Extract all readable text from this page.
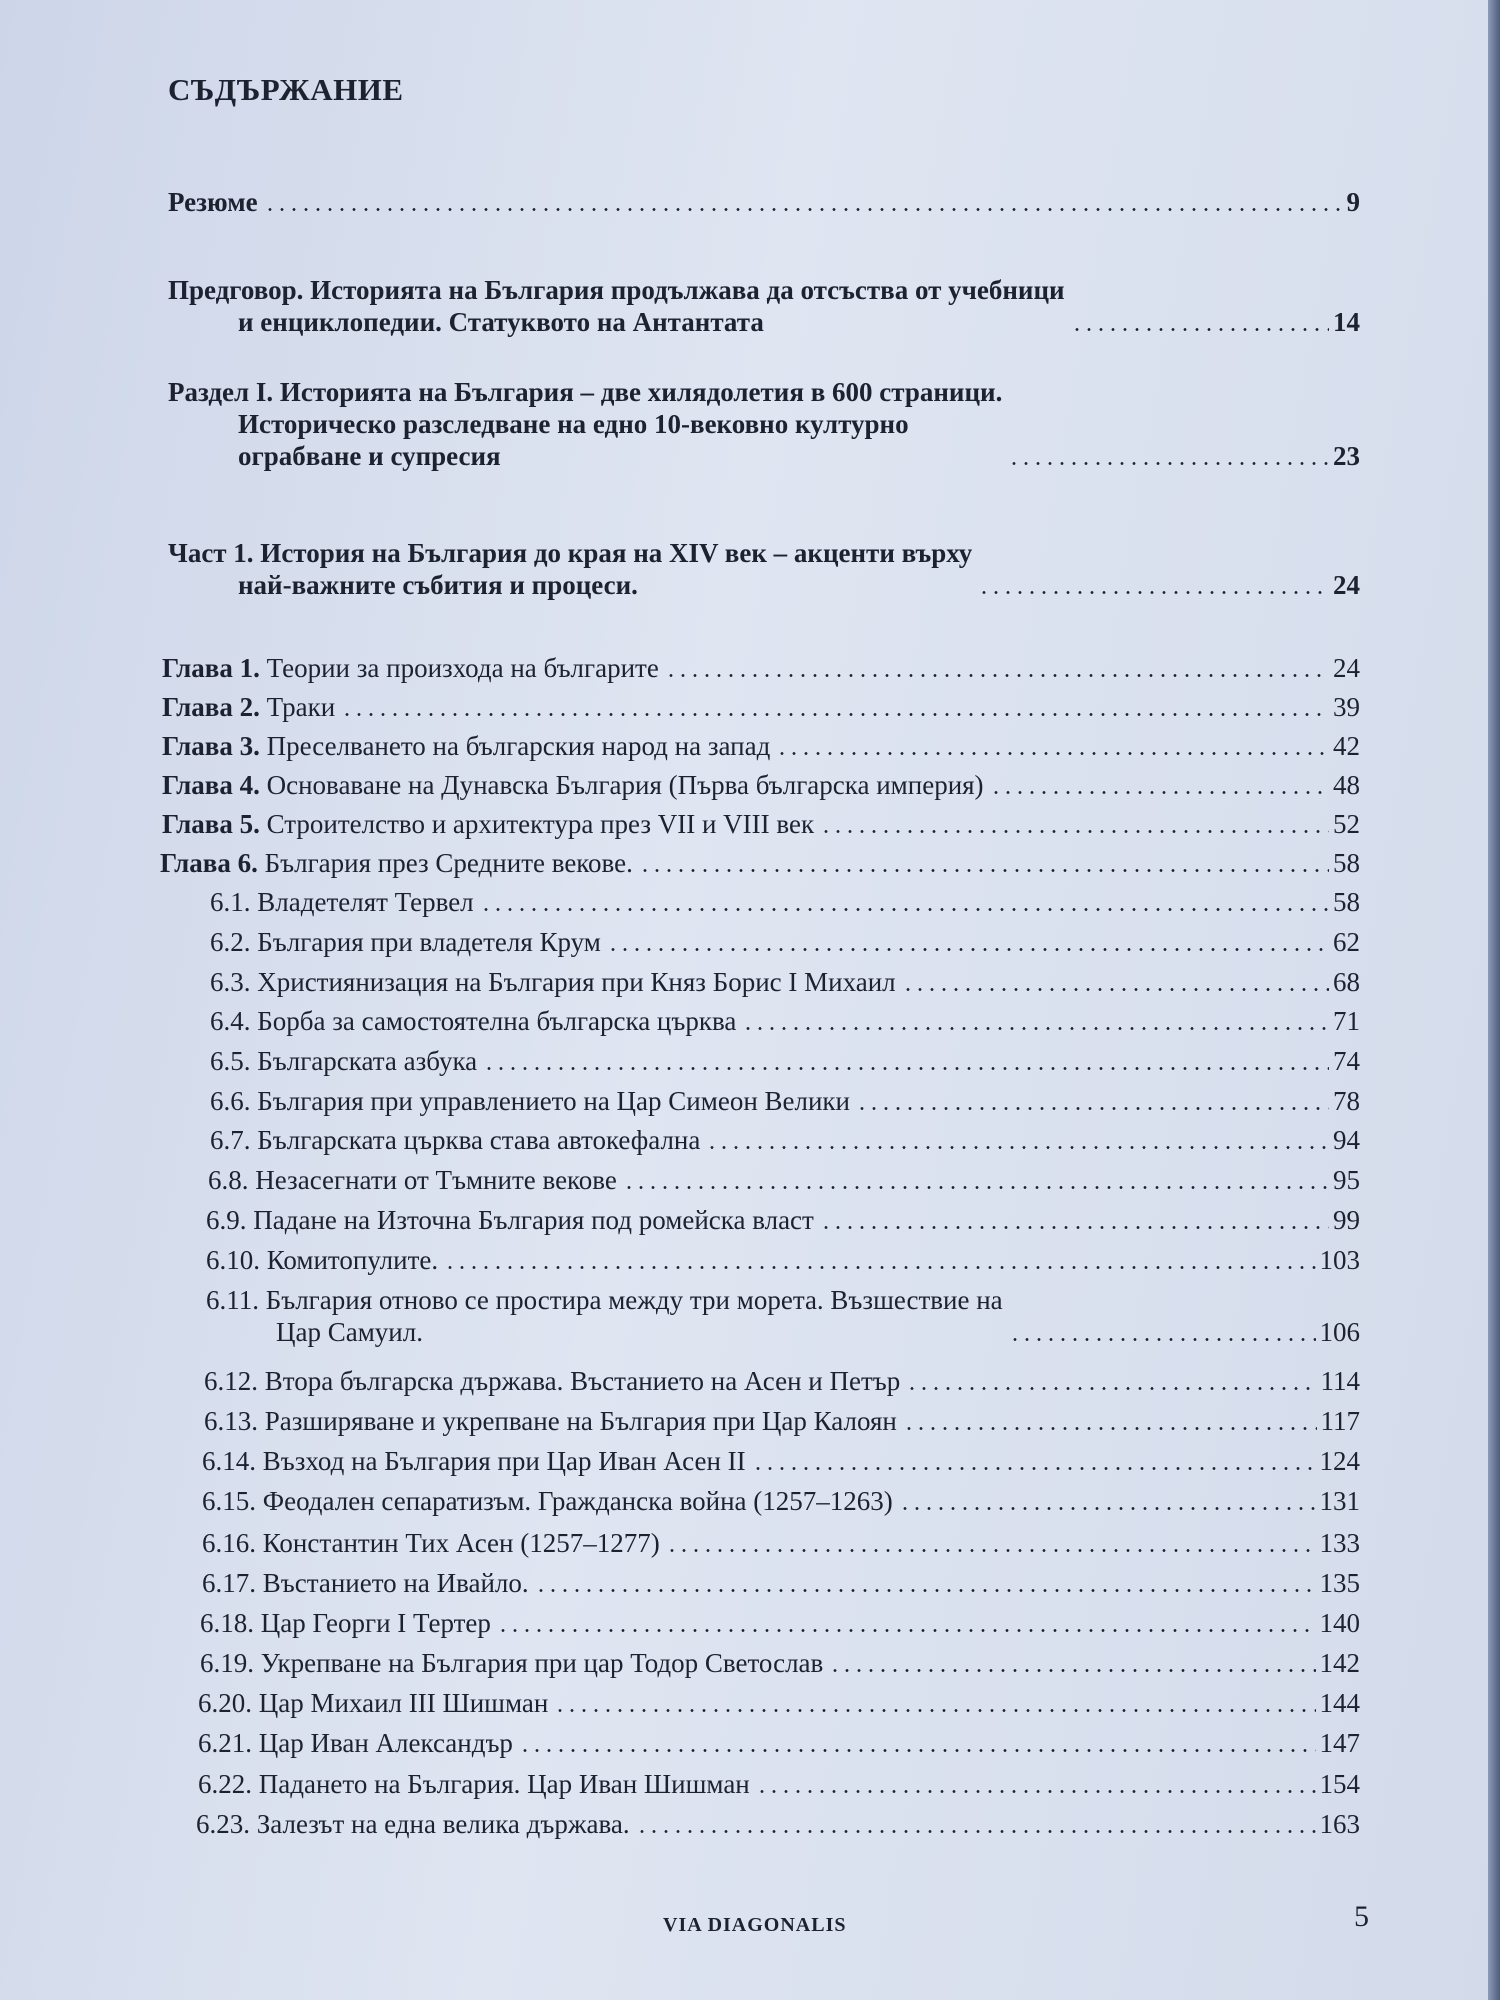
СЪДЪРЖАНИЕ
Резюме	9
Предговор. Историята на България продължава да отсъства от учебници
и енциклопедии. Статуквото на Антантата	14
Раздел I. Историята на България – две хилядолетия в 600 страници.
Историческо разследване на едно 10-вековно културно
ограбване и супресия	23
Част 1. История на България до края на XIV век – акценти върху
най-важните събития и процеси.	24
Глава 1. Теории за произхода на българите	24
Глава 2. Траки	39
Глава 3. Преселването на българския народ на запад	42
Глава 4. Основаване на Дунавска България (Първа българска империя)	48
Глава 5. Строителство и архитектура през VII и VIII век	52
Глава 6. България през Средните векове.	58
6.1. Владетелят Тервел	58
6.2. България при владетеля Крум	62
6.3. Християнизация на България при Княз Борис I Михаил	68
6.4. Борба за самостоятелна българска църква	71
6.5. Българската азбука	74
6.6. България при управлението на Цар Симеон Велики	78
6.7. Българската църква става автокефална	94
6.8. Незасегнати от Тъмните векове	95
6.9. Падане на Източна България под ромейска власт	99
6.10. Комитопулите.	103
6.11. България отново се простира между три морета. Възшествие на
Цар Самуил.	106
6.12. Втора българска държава. Въстанието на Асен и Петър	114
6.13. Разширяване и укрепване на България при Цар Калоян	117
6.14. Възход на България при Цар Иван Асен II	124
6.15. Феодален сепаратизъм. Гражданска война (1257–1263)	131
6.16. Константин Тих Асен (1257–1277)	133
6.17. Въстанието на Ивайло.	135
6.18. Цар Георги I Тертер	140
6.19. Укрепване на България при цар Тодор Светослав	142
6.20. Цар Михаил III Шишман	144
6.21. Цар Иван Александър	147
6.22. Падането на България. Цар Иван Шишман	154
6.23. Залезът на една велика държава.	163
VIA DIAGONALIS	5
